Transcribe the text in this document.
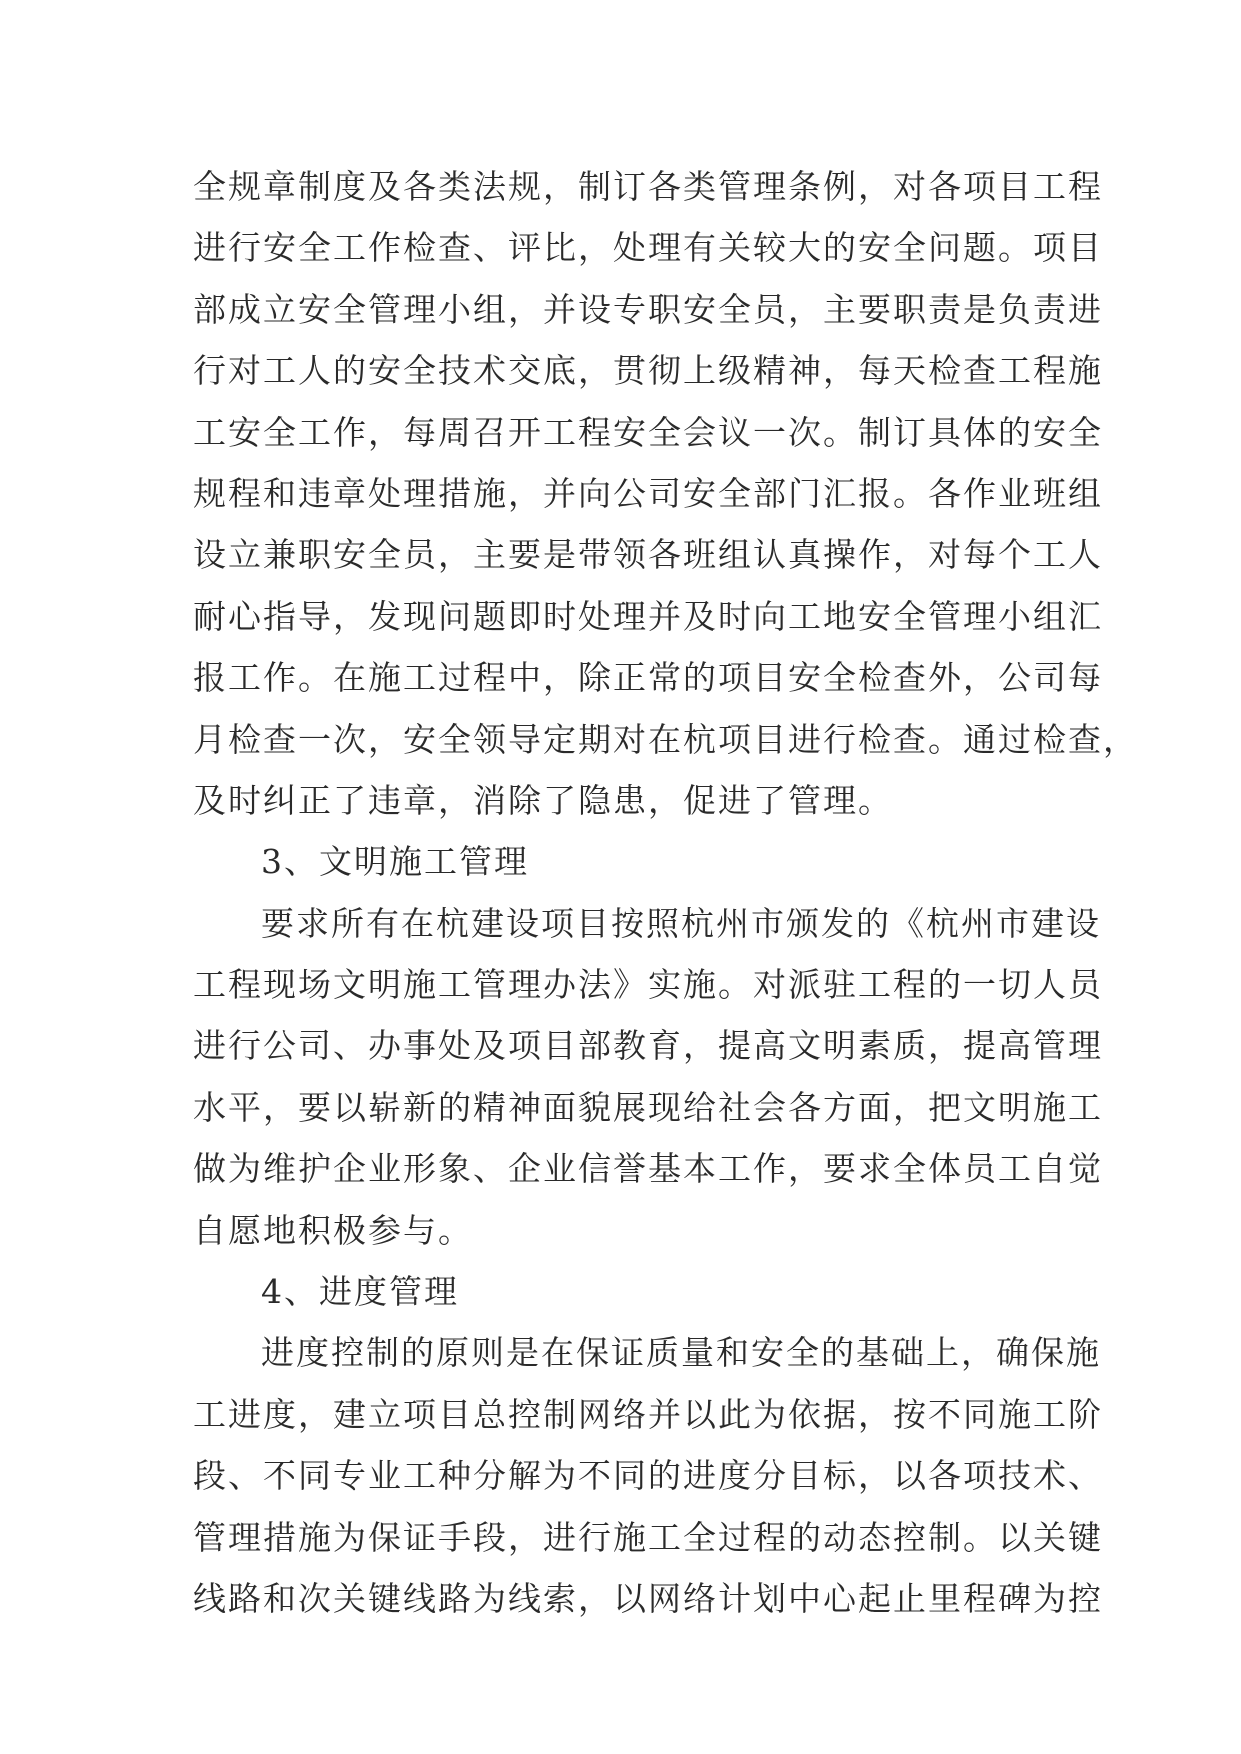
全规章制度及各类法规，制订各类管理条例，对各项目工程
进行安全工作检查、评比，处理有关较大的安全问题。项目
部成立安全管理小组，并设专职安全员，主要职责是负责进
行对工人的安全技术交底，贯彻上级精神，每天检查工程施
工安全工作，每周召开工程安全会议一次。制订具体的安全
规程和违章处理措施，并向公司安全部门汇报。各作业班组
设立兼职安全员，主要是带领各班组认真操作，对每个工人
耐心指导，发现问题即时处理并及时向工地安全管理小组汇
报工作。在施工过程中，除正常的项目安全检查外，公司每
月检查一次，安全领导定期对在杭项目进行检查。通过检查，
及时纠正了违章，消除了隐患，促进了管理。
3、文明施工管理
要求所有在杭建设项目按照杭州市颁发的《杭州市建设
工程现场文明施工管理办法》实施。对派驻工程的一切人员
进行公司、办事处及项目部教育，提高文明素质，提高管理
水平，要以崭新的精神面貌展现给社会各方面，把文明施工
做为维护企业形象、企业信誉基本工作，要求全体员工自觉
自愿地积极参与。
4、进度管理
进度控制的原则是在保证质量和安全的基础上，确保施
工进度，建立项目总控制网络并以此为依据，按不同施工阶
段、不同专业工种分解为不同的进度分目标，以各项技术、
管理措施为保证手段，进行施工全过程的动态控制。以关键
线路和次关键线路为线索，以网络计划中心起止里程碑为控
